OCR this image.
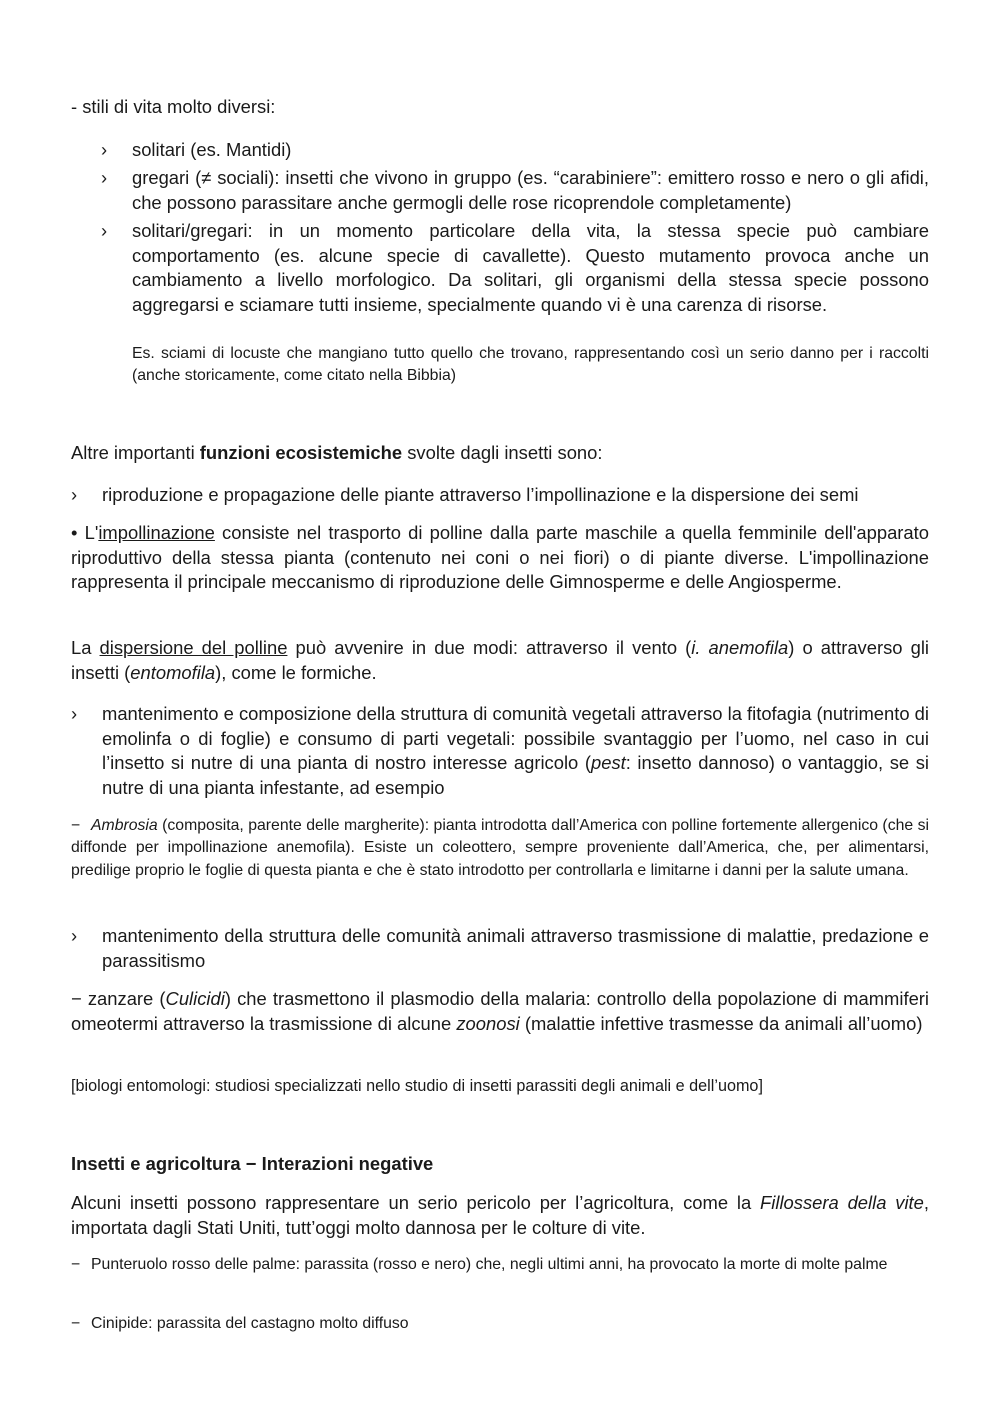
- stili di vita molto diversi:
› solitari (es. Mantidi)
› gregari (≠ sociali): insetti che vivono in gruppo (es. “carabiniere”: emittero rosso e nero o gli afidi, che possono parassitare anche germogli delle rose ricoprendole completamente)
› solitari/gregari: in un momento particolare della vita, la stessa specie può cambiare comportamento (es. alcune specie di cavallette). Questo mutamento provoca anche un cambiamento a livello morfologico. Da solitari, gli organismi della stessa specie possono aggregarsi e sciamare tutti insieme, specialmente quando vi è una carenza di risorse.
Es. sciami di locuste che mangiano tutto quello che trovano, rappresentando così un serio danno per i raccolti (anche storicamente, come citato nella Bibbia)
Altre importanti funzioni ecosistemiche svolte dagli insetti sono:
› riproduzione e propagazione delle piante attraverso l’impollinazione e la dispersione dei semi
• L'impollinazione consiste nel trasporto di polline dalla parte maschile a quella femminile dell'apparato riproduttivo della stessa pianta (contenuto nei coni o nei fiori) o di piante diverse. L'impollinazione rappresenta il principale meccanismo di riproduzione delle Gimnosperme e delle Angiosperme.
La dispersione del polline può avvenire in due modi: attraverso il vento (i. anemofila) o attraverso gli insetti (entomofila), come le formiche.
› mantenimento e composizione della struttura di comunità vegetali attraverso la fitofagia (nutrimento di emolinfa o di foglie) e consumo di parti vegetali: possibile svantaggio per l’uomo, nel caso in cui l’insetto si nutre di una pianta di nostro interesse agricolo (pest: insetto dannoso) o vantaggio, se si nutre di una pianta infestante, ad esempio
− Ambrosia (composita, parente delle margherite): pianta introdotta dall’America con polline fortemente allergenico (che si diffonde per impollinazione anemofila). Esiste un coleottero, sempre proveniente dall’America, che, per alimentarsi, predilige proprio le foglie di questa pianta e che è stato introdotto per controllarla e limitarne i danni per la salute umana.
› mantenimento della struttura delle comunità animali attraverso trasmissione di malattie, predazione e parassitismo
− zanzare (Culicidi) che trasmettono il plasmodio della malaria: controllo della popolazione di mammiferi omeotermi attraverso la trasmissione di alcune zoonosi (malattie infettive trasmesse da animali all’uomo)
[biologi entomologi: studiosi specializzati nello studio di insetti parassiti degli animali e dell’uomo]
Insetti e agricoltura − Interazioni negative
Alcuni insetti possono rappresentare un serio pericolo per l’agricoltura, come la Fillossera della vite, importata dagli Stati Uniti, tutt’oggi molto dannosa per le colture di vite.
− Punteruolo rosso delle palme: parassita (rosso e nero) che, negli ultimi anni, ha provocato la morte di molte palme
− Cinipide: parassita del castagno molto diffuso
